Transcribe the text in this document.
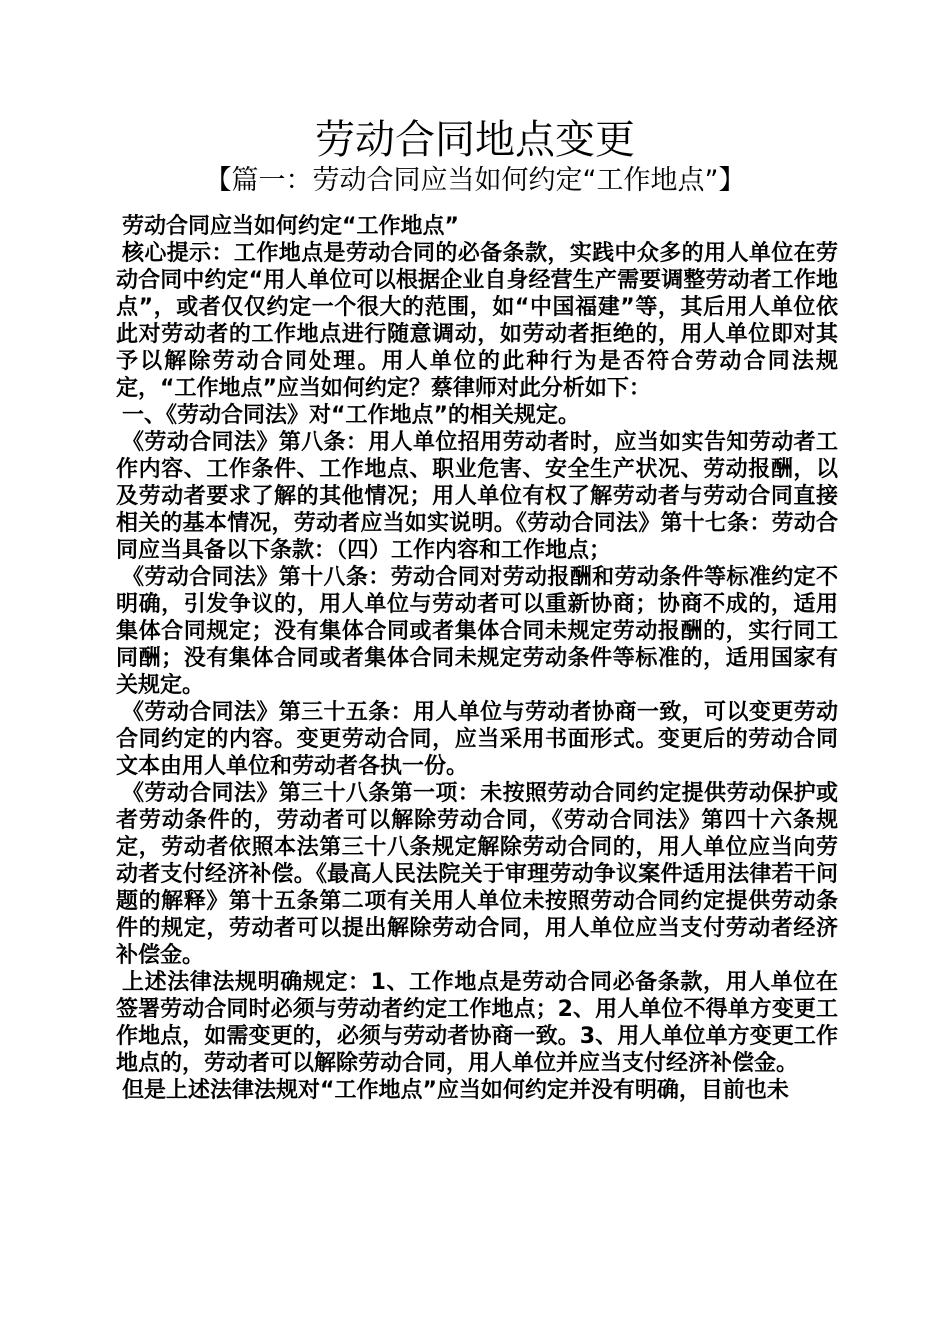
劳动合同地点变更
【篇一：劳动合同应当如何约定“工作地点”】

劳动合同应当如何约定“工作地点”

核心提示：工作地点是劳动合同的必备条款，实践中众多的用人单位在劳动合同中约定“用人单位可以根据企业自身经营生产需要调整劳动者工作地点”，或者仅仅约定一个很大的范围，如“中国福建”等，其后用人单位依此对劳动者的工作地点进行随意调动，如劳动者拒绝的，用人单位即对其予以解除劳动合同处理。用人单位的此种行为是否符合劳动合同法规定，“工作地点”应当如何约定？蔡律师对此分析如下：

一、《劳动合同法》对“工作地点”的相关规定。

《劳动合同法》第八条：用人单位招用劳动者时，应当如实告知劳动者工作内容、工作条件、工作地点、职业危害、安全生产状况、劳动报酬，以及劳动者要求了解的其他情况；用人单位有权了解劳动者与劳动合同直接相关的基本情况，劳动者应当如实说明。《劳动合同法》第十七条：劳动合同应当具备以下条款：（四）工作内容和工作地点；

《劳动合同法》第十八条：劳动合同对劳动报酬和劳动条件等标准约定不明确，引发争议的，用人单位与劳动者可以重新协商；协商不成的，适用集体合同规定；没有集体合同或者集体合同未规定劳动报酬的，实行同工同酬；没有集体合同或者集体合同未规定劳动条件等标准的，适用国家有关规定。

《劳动合同法》第三十五条：用人单位与劳动者协商一致，可以变更劳动合同约定的内容。变更劳动合同，应当采用书面形式。变更后的劳动合同文本由用人单位和劳动者各执一份。

《劳动合同法》第三十八条第一项：未按照劳动合同约定提供劳动保护或者劳动条件的，劳动者可以解除劳动合同，《劳动合同法》第四十六条规定，劳动者依照本法第三十八条规定解除劳动合同的，用人单位应当向劳动者支付经济补偿。《最高人民法院关于审理劳动争议案件适用法律若干问题的解释》第十五条第二项有关用人单位未按照劳动合同约定提供劳动条件的规定，劳动者可以提出解除劳动合同，用人单位应当支付劳动者经济补偿金。

上述法律法规明确规定：1、工作地点是劳动合同必备条款，用人单位在签署劳动合同时必须与劳动者约定工作地点；2、用人单位不得单方变更工作地点，如需变更的，必须与劳动者协商一致。3、用人单位单方变更工作地点的，劳动者可以解除劳动合同，用人单位并应当支付经济补偿金。

但是上述法律法规对“工作地点”应当如何约定并没有明确，目前也未
